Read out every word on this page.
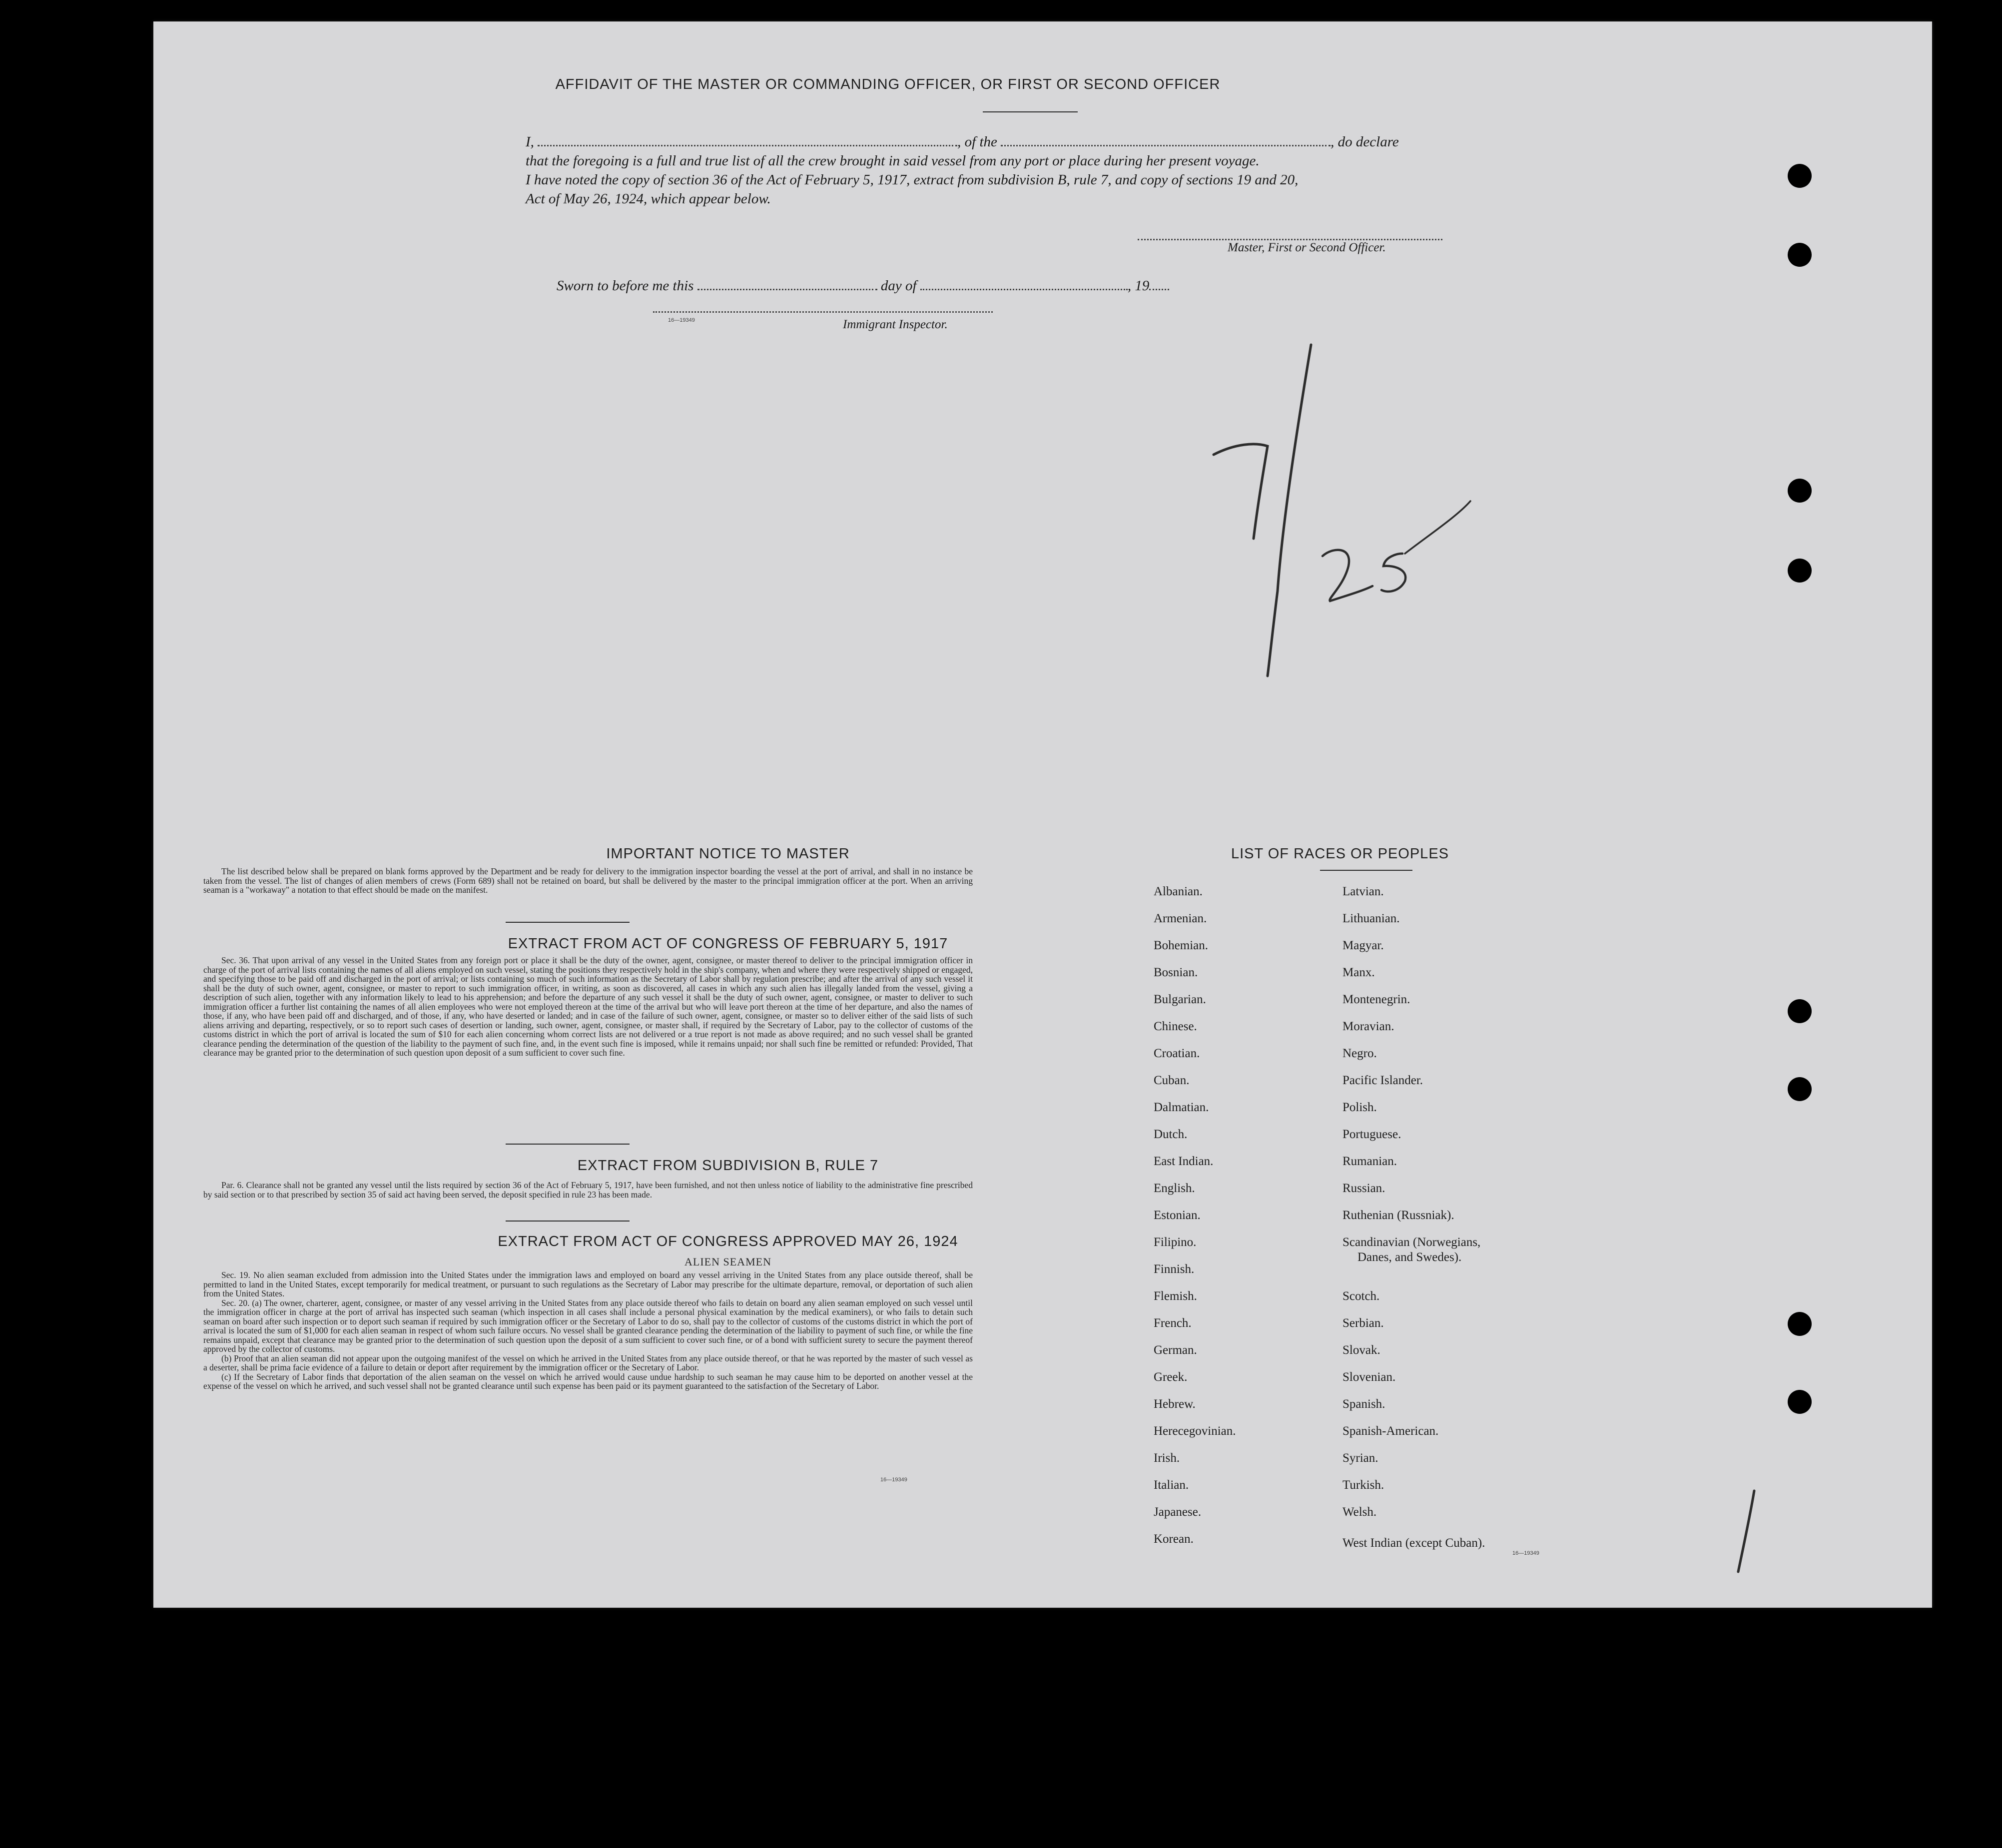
AFFIDAVIT OF THE MASTER OR COMMANDING OFFICER, OR FIRST OR SECOND OFFICER

I,	, of the	, do declare

that the foregoing is a full and true list of all the crew brought in said vessel from any port or place during her present voyage.

I have noted the copy of section 36 of the Act of February 5, 1917, extract from subdivision B, rule 7, and copy of sections 19 and 20,

Act of May 26, 1924, which appear below.

Master, First or Second Officer.
Sworn to before me this	day of	, 19
16—19349	Immigrant Inspector.
IMPORTANT NOTICE TO MASTER

The list described below shall be prepared on blank forms approved by the Department and be ready for delivery to the immigration inspector boarding the vessel at the port of arrival, and shall in no instance be taken from the vessel. The list of changes of alien members of crews (Form 689) shall not be retained on board, but shall be delivered by the master to the principal immigration officer at the port. When an arriving seaman is a "workaway" a notation to that effect should be made on the manifest.

EXTRACT FROM ACT OF CONGRESS OF FEBRUARY 5, 1917

Sec. 36. That upon arrival of any vessel in the United States from any foreign port or place it shall be the duty of the owner, agent, consignee, or master thereof to deliver to the principal immigration officer in charge of the port of arrival lists containing the names of all aliens employed on such vessel, stating the positions they respectively hold in the ship's company, when and where they were respectively shipped or engaged, and specifying those to be paid off and discharged in the port of arrival; or lists containing so much of such information as the Secretary of Labor shall by regulation prescribe; and after the arrival of any such vessel it shall be the duty of such owner, agent, consignee, or master to report to such immigration officer, in writing, as soon as discovered, all cases in which any such alien has illegally landed from the vessel, giving a description of such alien, together with any information likely to lead to his apprehension; and before the departure of any such vessel it shall be the duty of such owner, agent, consignee, or master to deliver to such immigration officer a further list containing the names of all alien employees who were not employed thereon at the time of the arrival but who will leave port thereon at the time of her departure, and also the names of those, if any, who have been paid off and discharged, and of those, if any, who have deserted or landed; and in case of the failure of such owner, agent, consignee, or master so to deliver either of the said lists of such aliens arriving and departing, respectively, or so to report such cases of desertion or landing, such owner, agent, consignee, or master shall, if required by the Secretary of Labor, pay to the collector of customs of the customs district in which the port of arrival is located the sum of $10 for each alien concerning whom correct lists are not delivered or a true report is not made as above required; and no such vessel shall be granted clearance pending the determination of the question of the liability to the payment of such fine, and, in the event such fine is imposed, while it remains unpaid; nor shall such fine be remitted or refunded: Provided, That clearance may be granted prior to the determination of such question upon deposit of a sum sufficient to cover such fine.

EXTRACT FROM SUBDIVISION B, RULE 7

Par. 6. Clearance shall not be granted any vessel until the lists required by section 36 of the Act of February 5, 1917, have been furnished, and not then unless notice of liability to the administrative fine prescribed by said section or to that prescribed by section 35 of said act having been served, the deposit specified in rule 23 has been made.

EXTRACT FROM ACT OF CONGRESS APPROVED MAY 26, 1924
ALIEN SEAMEN

Sec. 19. No alien seaman excluded from admission into the United States under the immigration laws and employed on board any vessel arriving in the United States from any place outside thereof, shall be permitted to land in the United States, except temporarily for medical treatment, or pursuant to such regulations as the Secretary of Labor may prescribe for the ultimate departure, removal, or deportation of such alien from the United States.

Sec. 20. (a) The owner, charterer, agent, consignee, or master of any vessel arriving in the United States from any place outside thereof who fails to detain on board any alien seaman employed on such vessel until the immigration officer in charge at the port of arrival has inspected such seaman (which inspection in all cases shall include a personal physical examination by the medical examiners), or who fails to detain such seaman on board after such inspection or to deport such seaman if required by such immigration officer or the Secretary of Labor to do so, shall pay to the collector of customs of the customs district in which the port of arrival is located the sum of $1,000 for each alien seaman in respect of whom such failure occurs. No vessel shall be granted clearance pending the determination of the liability to payment of such fine, or while the fine remains unpaid, except that clearance may be granted prior to the determination of such question upon the deposit of a sum sufficient to cover such fine, or of a bond with sufficient surety to secure the payment thereof approved by the collector of customs.

(b) Proof that an alien seaman did not appear upon the outgoing manifest of the vessel on which he arrived in the United States from any place outside thereof, or that he was reported by the master of such vessel as a deserter, shall be prima facie evidence of a failure to detain or deport after requirement by the immigration officer or the Secretary of Labor.

(c) If the Secretary of Labor finds that deportation of the alien seaman on the vessel on which he arrived would cause undue hardship to such seaman he may cause him to be deported on another vessel at the expense of the vessel on which he arrived, and such vessel shall not be granted clearance until such expense has been paid or its payment guaranteed to the satisfaction of the Secretary of Labor.

16—19349
LIST OF RACES OR PEOPLES
Albanian.
Armenian.
Bohemian.
Bosnian.
Bulgarian.
Chinese.
Croatian.
Cuban.
Dalmatian.
Dutch.
East Indian.
English.
Estonian.
Filipino.
Finnish.
Flemish.
French.
German.
Greek.
Hebrew.
Herecegovinian.
Irish.
Italian.
Japanese.
Korean.
Latvian.
Lithuanian.
Magyar.
Manx.
Montenegrin.
Moravian.
Negro.
Pacific Islander.
Polish.
Portuguese.
Rumanian.
Russian.
Ruthenian (Russniak).
Scandinavian (Norwegians,
Danes, and Swedes).
Scotch.
Serbian.
Slovak.
Slovenian.
Spanish.
Spanish-American.
Syrian.
Turkish.
Welsh.
West Indian (except Cuban).
16—19349
